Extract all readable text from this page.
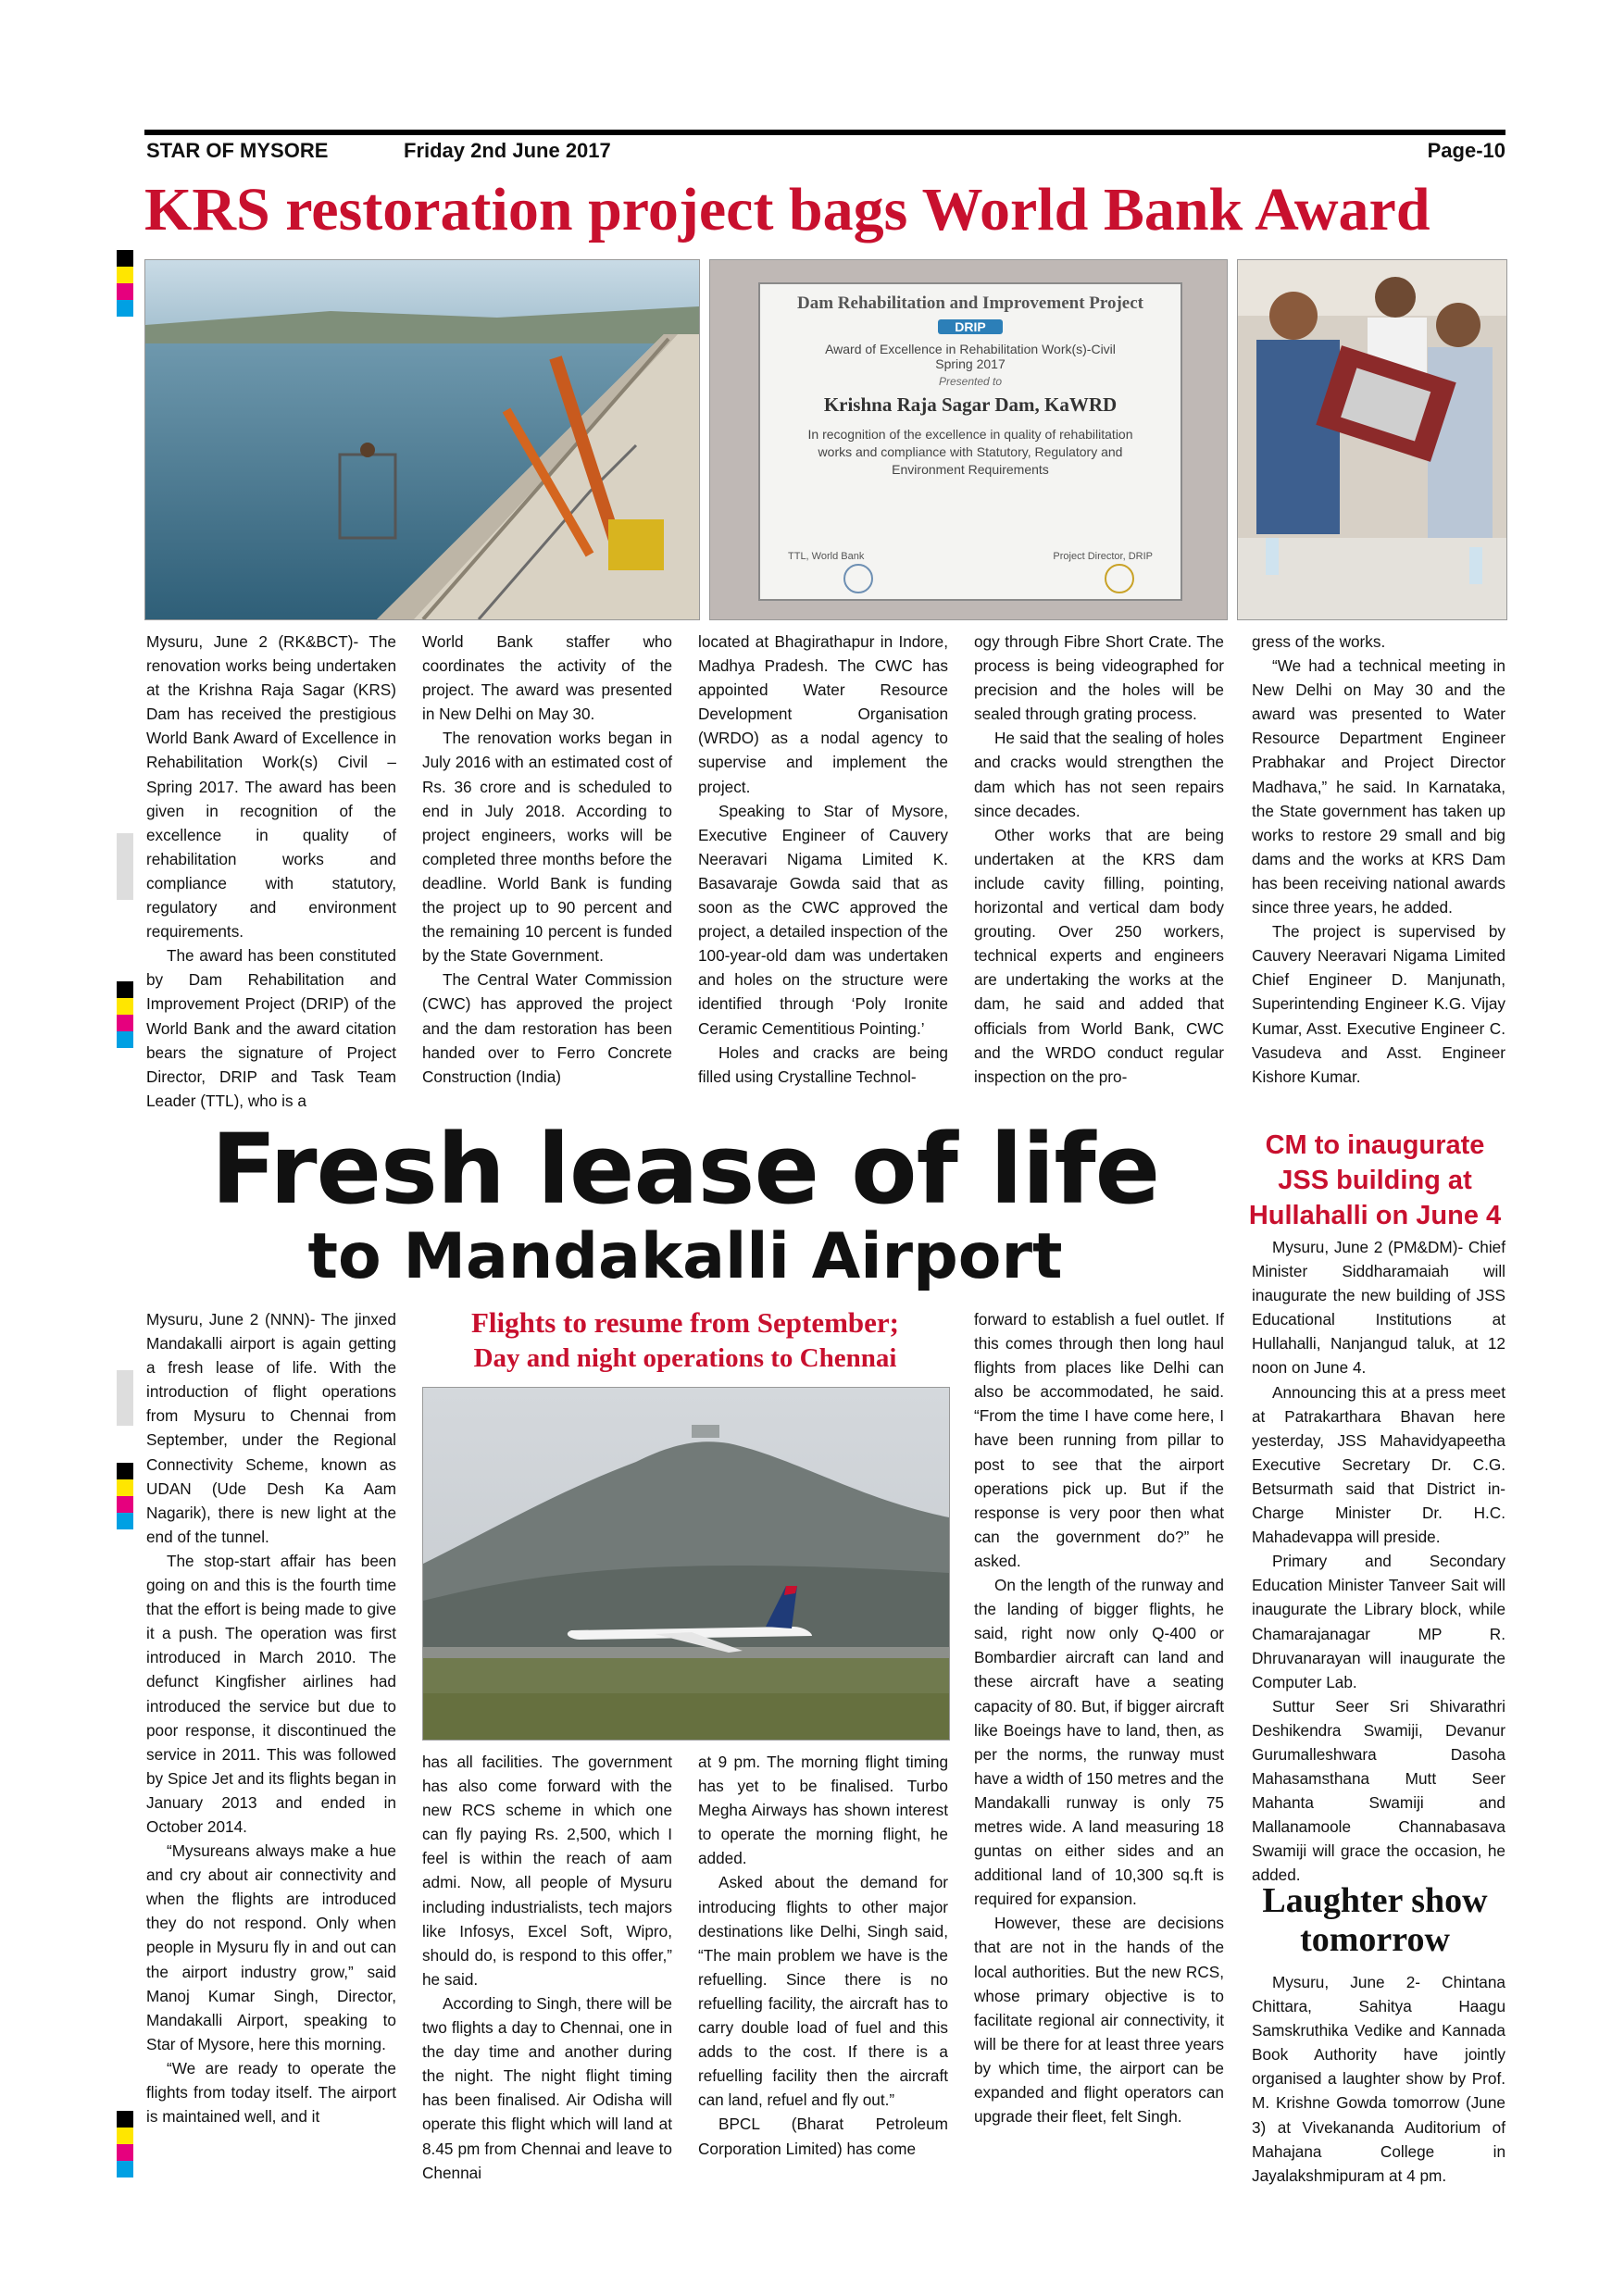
STAR OF MYSORE	Friday 2nd June 2017	Page-10
KRS restoration project bags World Bank Award
Dam Rehabilitation and Improvement Project
DRIP
Award of Excellence in Rehabilitation Work(s)-Civil
Spring 2017
Presented to
Krishna Raja Sagar Dam, KaWRD
In recognition of the excellence in quality of rehabilitation works and compliance with Statutory, Regulatory and Environment Requirements
TTL, World Bank	Project Director, DRIP

Mysuru, June 2 (RK&BCT)- The renovation works being undertaken at the Krishna Raja Sagar (KRS) Dam has received the prestigious World Bank Award of Excellence in Rehabilitation Work(s) Civil – Spring 2017. The award has been given in recognition of the excellence in quality of rehabilitation works and compliance with statutory, regulatory and environment requirements.

The award has been constituted by Dam Rehabilitation and Improvement Project (DRIP) of the World Bank and the award citation bears the signature of Project Director, DRIP and Task Team Leader (TTL), who is a

World Bank staffer who coordinates the activity of the project. The award was presented in New Delhi on May 30.

The renovation works began in July 2016 with an estimated cost of Rs. 36 crore and is scheduled to end in July 2018. According to project engineers, works will be completed three months before the deadline. World Bank is funding the project up to 90 percent and the remaining 10 percent is funded by the State Government.

The Central Water Commission (CWC) has approved the project and the dam restoration has been handed over to Ferro Concrete Construction (India)

located at Bhagirathapur in Indore, Madhya Pradesh. The CWC has appointed Water Resource Development Organisation (WRDO) as a nodal agency to supervise and implement the project.

Speaking to Star of Mysore, Executive Engineer of Cauvery Neeravari Nigama Limited K. Basavaraje Gowda said that as soon as the CWC approved the project, a detailed inspection of the 100-year-old dam was undertaken and holes on the structure were identified through ‘Poly Ironite Ceramic Cementitious Pointing.’

Holes and cracks are being filled using Crystalline Technol-

ogy through Fibre Short Crate. The process is being videographed for precision and the holes will be sealed through grating process.

He said that the sealing of holes and cracks would strengthen the dam which has not seen repairs since decades.

Other works that are being undertaken at the KRS dam include cavity filling, pointing, horizontal and vertical dam body grouting. Over 250 workers, technical experts and engineers are undertaking the works at the dam, he said and added that officials from World Bank, CWC and the WRDO conduct regular inspection on the pro-

gress of the works.

“We had a technical meeting in New Delhi on May 30 and the award was presented to Water Resource Department Engineer Prabhakar and Project Director Madhava,” he said. In Karnataka, the State government has taken up works to restore 29 small and big dams and the works at KRS Dam has been receiving national awards since three years, he added.

The project is supervised by Cauvery Neeravari Nigama Limited Chief Engineer D. Manjunath, Superintending Engineer K.G. Vijay Kumar, Asst. Executive Engineer C. Vasudeva and Asst. Engineer Kishore Kumar.

Fresh lease of life
to Mandakalli Airport

Mysuru, June 2 (NNN)- The jinxed Mandakalli airport is again getting a fresh lease of life. With the introduction of flight operations from Mysuru to Chennai from September, under the Regional Connectivity Scheme, known as UDAN (Ude Desh Ka Aam Nagarik), there is new light at the end of the tunnel.

The stop-start affair has been going on and this is the fourth time that the effort is being made to give it a push. The operation was first introduced in March 2010. The defunct Kingfisher airlines had introduced the service but due to poor response, it discontinued the service in 2011. This was followed by Spice Jet and its flights began in January 2013 and ended in October 2014.

“Mysureans always make a hue and cry about air connectivity and when the flights are introduced they do not respond. Only when people in Mysuru fly in and out can the airport industry grow,” said Manoj Kumar Singh, Director, Mandakalli Airport, speaking to Star of Mysore, here this morning.

“We are ready to operate the flights from today itself. The airport is maintained well, and it

Flights to resume from September;
Day and night operations to Chennai

has all facilities. The government has also come forward with the new RCS scheme in which one can fly paying Rs. 2,500, which I feel is within the reach of aam admi. Now, all people of Mysuru including industrialists, tech majors like Infosys, Excel Soft, Wipro, should do, is respond to this offer,” he said.

According to Singh, there will be two flights a day to Chennai, one in the day time and another during the night. The night flight timing has been finalised. Air Odisha will operate this flight which will land at 8.45 pm from Chennai and leave to Chennai

at 9 pm. The morning flight timing has yet to be finalised. Turbo Megha Airways has shown interest to operate the morning flight, he added.

Asked about the demand for introducing flights to other major destinations like Delhi, Singh said, “The main problem we have is the refuelling. Since there is no refuelling facility, the aircraft has to carry double load of fuel and this adds to the cost. If there is a refuelling facility then the aircraft can land, refuel and fly out.”

BPCL (Bharat Petroleum Corporation Limited) has come

forward to establish a fuel outlet. If this comes through then long haul flights from places like Delhi can also be accommodated, he said. “From the time I have come here, I have been running from pillar to post to see that the airport operations pick up. But if the response is very poor then what can the government do?” he asked.

On the length of the runway and the landing of bigger flights, he said, right now only Q-400 or Bombardier aircraft can land and these aircraft have a seating capacity of 80. But, if bigger aircraft like Boeings have to land, then, as per the norms, the runway must have a width of 150 metres and the Mandakalli runway is only 75 metres wide. A land measuring 18 guntas on either sides and an additional land of 10,300 sq.ft is required for expansion.

However, these are decisions that are not in the hands of the local authorities. But the new RCS, whose primary objective is to facilitate regional air connectivity, it will be there for at least three years by which time, the airport can be expanded and flight operators can upgrade their fleet, felt Singh.

CM to inaugurate JSS building at Hullahalli on June 4

Mysuru, June 2 (PM&DM)- Chief Minister Siddharamaiah will inaugurate the new building of JSS Educational Institutions at Hullahalli, Nanjangud taluk, at 12 noon on June 4.

Announcing this at a press meet at Patrakarthara Bhavan here yesterday, JSS Mahavidyapeetha Executive Secretary Dr. C.G. Betsurmath said that District in-Charge Minister Dr. H.C. Mahadevappa will preside.

Primary and Secondary Education Minister Tanveer Sait will inaugurate the Library block, while Chamarajanagar MP R. Dhruvanarayan will inaugurate the Computer Lab.

Suttur Seer Sri Shivarathri Deshikendra Swamiji, Devanur Gurumalleshwara Dasoha Mahasamsthana Mutt Seer Mahanta Swamiji and Mallanamoole Channabasava Swamiji will grace the occasion, he added.

Laughter show tomorrow

Mysuru, June 2- Chintana Chittara, Sahitya Haagu Samskruthika Vedike and Kannada Book Authority have jointly organised a laughter show by Prof. M. Krishne Gowda tomorrow (June 3) at Vivekananda Auditorium of Mahajana College in Jayalakshmipuram at 4 pm.
